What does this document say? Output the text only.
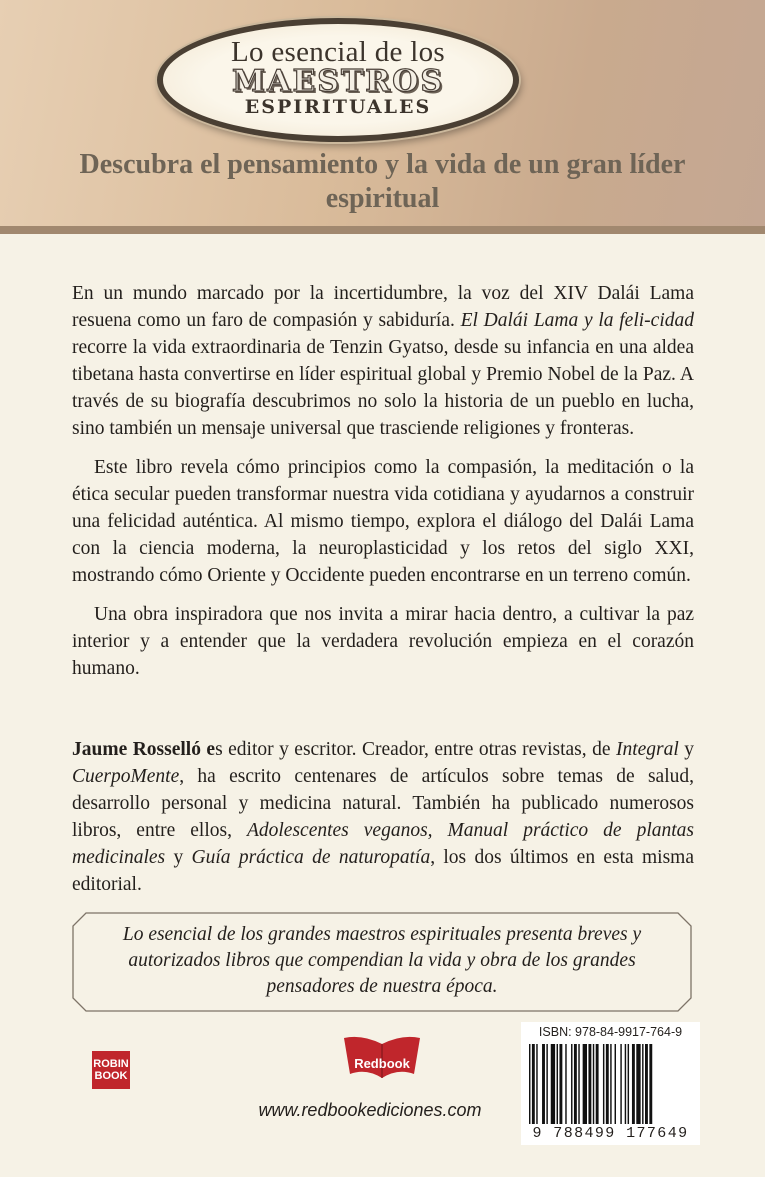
Lo esencial de los
MAESTROS
ESPIRITUALES
Descubra el pensamiento y la vida de un gran líder espiritual

En un mundo marcado por la incertidumbre, la voz del XIV Dalái Lama resuena como un faro de compasión y sabiduría. El Dalái Lama y la feli-cidad recorre la vida extraordinaria de Tenzin Gyatso, desde su infancia en una aldea tibetana hasta convertirse en líder espiritual global y Premio Nobel de la Paz. A través de su biografía descubrimos no solo la historia de un pueblo en lucha, sino también un mensaje universal que trasciende religiones y fronteras.

Este libro revela cómo principios como la compasión, la meditación o la ética secular pueden transformar nuestra vida cotidiana y ayudarnos a construir una felicidad auténtica. Al mismo tiempo, explora el diálogo del Dalái Lama con la ciencia moderna, la neuroplasticidad y los retos del siglo XXI, mostrando cómo Oriente y Occidente pueden encontrarse en un terreno común.

Una obra inspiradora que nos invita a mirar hacia dentro, a cultivar la paz interior y a entender que la verdadera revolución empieza en el corazón humano.

Jaume Rosselló es editor y escritor. Creador, entre otras revistas, de Integral y CuerpoMente, ha escrito centenares de artículos sobre temas de salud, desarrollo personal y medicina natural. También ha publicado numerosos libros, entre ellos, Adolescentes veganos, Manual práctico de plantas medicinales y Guía práctica de naturopatía, los dos últimos en esta misma editorial.

Lo esencial de los grandes maestros espirituales presenta breves y autorizados libros que compendian la vida y obra de los grandes pensadores de nuestra época.
ROBIN
BOOK
Redbook
www.redbookediciones.com
ISBN: 978-84-9917-764-9
9 788499 177649
